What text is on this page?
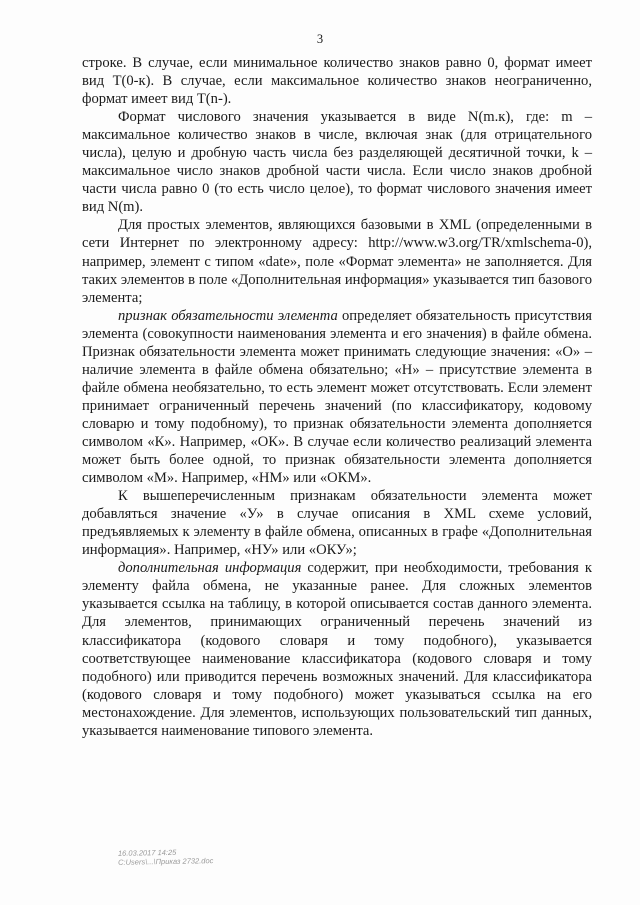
3

строке. В случае, если минимальное количество знаков равно 0, формат имеет вид T(0-к). В случае, если максимальное количество знаков неограниченно, формат имеет вид T(n-).

Формат числового значения указывается в виде N(m.к), где: m – максимальное количество знаков в числе, включая знак (для отрицательного числа), целую и дробную часть числа без разделяющей десятичной точки, k – максимальное число знаков дробной части числа. Если число знаков дробной части числа равно 0 (то есть число целое), то формат числового значения имеет вид N(m).

Для простых элементов, являющихся базовыми в XML (определенными в сети Интернет по электронному адресу: http://www.w3.org/TR/xmlschema-0), например, элемент с типом «date», поле «Формат элемента» не заполняется. Для таких элементов в поле «Дополнительная информация» указывается тип базового элемента;

признак обязательности элемента определяет обязательность присутствия элемента (совокупности наименования элемента и его значения) в файле обмена. Признак обязательности элемента может принимать следующие значения: «О» – наличие элемента в файле обмена обязательно; «Н» – присутствие элемента в файле обмена необязательно, то есть элемент может отсутствовать. Если элемент принимает ограниченный перечень значений (по классификатору, кодовому словарю и тому подобному), то признак обязательности элемента дополняется символом «К». Например, «ОК». В случае если количество реализаций элемента может быть более одной, то признак обязательности элемента дополняется символом «М». Например, «НМ» или «ОКМ».

К вышеперечисленным признакам обязательности элемента может добавляться значение «У» в случае описания в XML схеме условий, предъявляемых к элементу в файле обмена, описанных в графе «Дополнительная информация». Например, «НУ» или «ОКУ»;

дополнительная информация содержит, при необходимости, требования к элементу файла обмена, не указанные ранее. Для сложных элементов указывается ссылка на таблицу, в которой описывается состав данного элемента. Для элементов, принимающих ограниченный перечень значений из классификатора (кодового словаря и тому подобного), указывается соответствующее наименование классификатора (кодового словаря и тому подобного) или приводится перечень возможных значений. Для классификатора (кодового словаря и тому подобного) может указываться ссылка на его местонахождение. Для элементов, использующих пользовательский тип данных, указывается наименование типового элемента.

16.03.2017 14:25
С:Users\...\Приказ 2732.doc
